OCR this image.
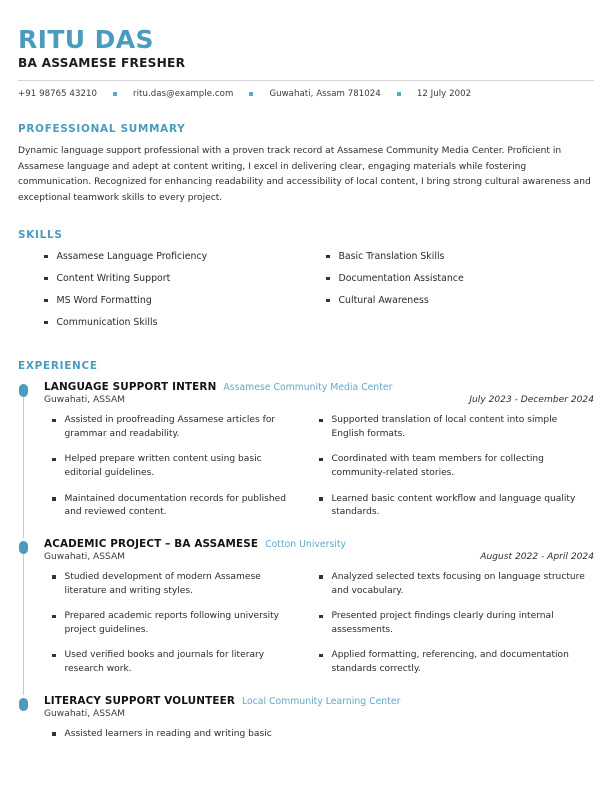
RITU DAS
BA ASSAMESE FRESHER
+91 98765 43210	ritu.das@example.com	Guwahati, Assam 781024	12 July 2002
PROFESSIONAL SUMMARY

Dynamic language support professional with a proven track record at Assamese Community Media Center. Proficient in Assamese language and adept at content writing, I excel in delivering clear, engaging materials while fostering communication. Recognized for enhancing readability and accessibility of local content, I bring strong cultural awareness and exceptional teamwork skills to every project.

SKILLS
Assamese Language Proficiency
Content Writing Support
MS Word Formatting
Communication Skills
Basic Translation Skills
Documentation Assistance
Cultural Awareness
EXPERIENCE
LANGUAGE SUPPORT INTERN Assamese Community Media Center
Guwahati, ASSAM	July 2023 - December 2024
Assisted in proofreading Assamese articles for grammar and readability.
Helped prepare written content using basic editorial guidelines.
Maintained documentation records for published and reviewed content.
Supported translation of local content into simple English formats.
Coordinated with team members for collecting community-related stories.
Learned basic content workflow and language quality standards.
ACADEMIC PROJECT – BA ASSAMESE Cotton University
Guwahati, ASSAM	August 2022 - April 2024
Studied development of modern Assamese literature and writing styles.
Prepared academic reports following university project guidelines.
Used verified books and journals for literary research work.
Analyzed selected texts focusing on language structure and vocabulary.
Presented project findings clearly during internal assessments.
Applied formatting, referencing, and documentation standards correctly.
LITERACY SUPPORT VOLUNTEER Local Community Learning Center
Guwahati, ASSAM
Assisted learners in reading and writing basic
